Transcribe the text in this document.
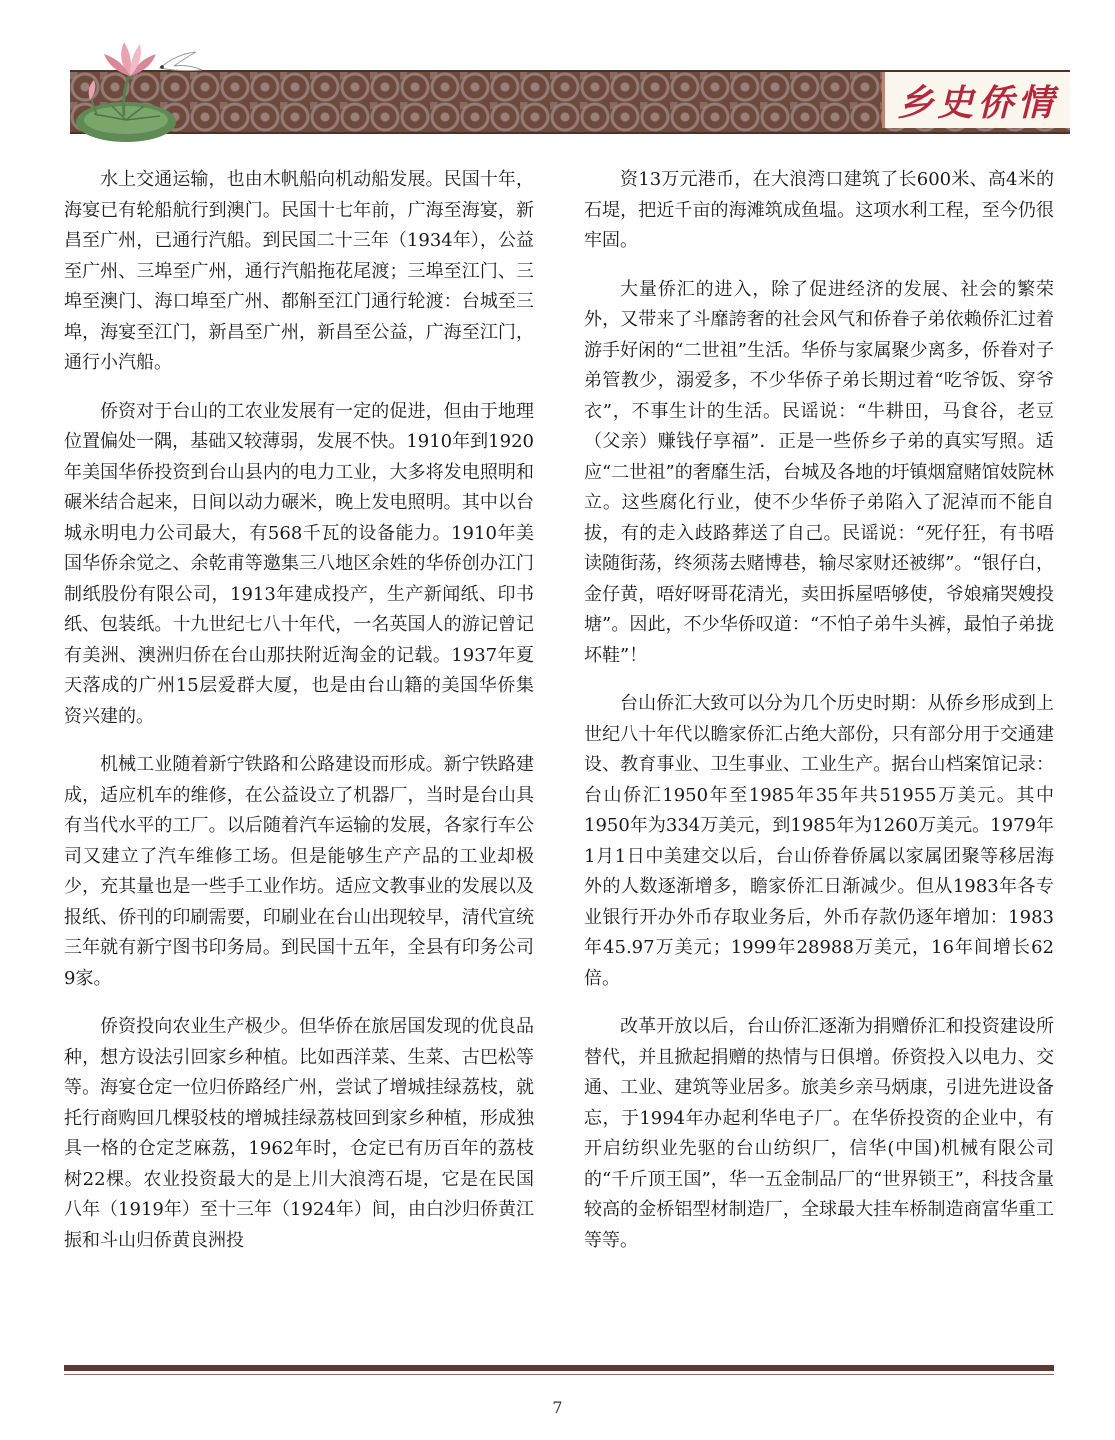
乡史侨情

水上交通运输，也由木帆船向机动船发展。民国十年，海宴已有轮船航行到澳门。民国十七年前，广海至海宴，新昌至广州，已通行汽船。到民国二十三年（1934年），公益至广州、三埠至广州，通行汽船拖花尾渡；三埠至江门、三埠至澳门、海口埠至广州、都斛至江门通行轮渡：台城至三埠，海宴至江门，新昌至广州，新昌至公益，广海至江门，通行小汽船。

侨资对于台山的工农业发展有一定的促进，但由于地理位置偏处一隅，基础又较薄弱，发展不快。1910年到1920年美国华侨投资到台山县内的电力工业，大多将发电照明和碾米结合起来，日间以动力碾米，晚上发电照明。其中以台城永明电力公司最大，有568千瓦的设备能力。1910年美国华侨余觉之、余乾甫等邀集三八地区余姓的华侨创办江门制纸股份有限公司，1913年建成投产，生产新闻纸、印书纸、包装纸。十九世纪七八十年代，一名英国人的游记曾记有美洲、澳洲归侨在台山那扶附近淘金的记载。1937年夏天落成的广州15层爱群大厦，也是由台山籍的美国华侨集资兴建的。

机械工业随着新宁铁路和公路建设而形成。新宁铁路建成，适应机车的维修，在公益设立了机器厂，当时是台山具有当代水平的工厂。以后随着汽车运输的发展，各家行车公司又建立了汽车维修工场。但是能够生产产品的工业却极少，充其量也是一些手工业作坊。适应文教事业的发展以及报纸、侨刊的印刷需要，印刷业在台山出现较早，清代宣统三年就有新宁图书印务局。到民国十五年，全县有印务公司9家。

侨资投向农业生产极少。但华侨在旅居国发现的优良品种，想方设法引回家乡种植。比如西洋菜、生菜、古巴松等等。海宴仓定一位归侨路经广州，尝试了增城挂绿荔枝，就托行商购回几棵驳枝的增城挂绿荔枝回到家乡种植，形成独具一格的仓定芝麻荔，1962年时，仓定已有历百年的荔枝树22棵。农业投资最大的是上川大浪湾石堤，它是在民国八年（1919年）至十三年（1924年）间，由白沙归侨黄江振和斗山归侨黄良洲投

资13万元港币，在大浪湾口建筑了长600米、高4米的石堤，把近千亩的海滩筑成鱼塭。这项水利工程，至今仍很牢固。

大量侨汇的进入，除了促进经济的发展、社会的繁荣外，又带来了斗靡誇奢的社会风气和侨眷子弟依赖侨汇过着游手好闲的“二世祖”生活。华侨与家属聚少离多，侨眷对子弟管教少，溺爱多，不少华侨子弟长期过着“吃爷饭、穿爷衣”，不事生计的生活。民谣说：“牛耕田，马食谷，老豆（父亲）赚钱仔享福”．正是一些侨乡子弟的真实写照。适应“二世祖”的奢靡生活，台城及各地的圩镇烟窟赌馆妓院林立。这些腐化行业，使不少华侨子弟陷入了泥淖而不能自拔，有的走入歧路葬送了自己。民谣说：“死仔狂，有书唔读随街荡，终须荡去赌博巷，输尽家财还被绑”。“银仔白，金仔黄，唔好呀哥花清光，卖田拆屋唔够使，爷娘痛哭嫂投塘”。因此，不少华侨叹道：“不怕子弟牛头裤，最怕子弟拢坏鞋”！

台山侨汇大致可以分为几个历史时期：从侨乡形成到上世纪八十年代以瞻家侨汇占绝大部份，只有部分用于交通建设、教育事业、卫生事业、工业生产。据台山档案馆记录：台山侨汇1950年至1985年35年共51955万美元。其中1950年为334万美元，到1985年为1260万美元。1979年1月1日中美建交以后，台山侨眷侨属以家属团聚等移居海外的人数逐渐增多，瞻家侨汇日渐减少。但从1983年各专业银行开办外币存取业务后，外币存款仍逐年增加：1983年45.97万美元；1999年28988万美元，16年间增长62倍。

改革开放以后，台山侨汇逐渐为捐赠侨汇和投资建设所替代，并且掀起捐赠的热情与日俱增。侨资投入以电力、交通、工业、建筑等业居多。旅美乡亲马炳康，引进先进设备忘，于1994年办起利华电子厂。在华侨投资的企业中，有开启纺织业先驱的台山纺织厂，信华(中国)机械有限公司的“千斤顶王国”，华一五金制品厂的“世界锁王”，科技含量较高的金桥铝型材制造厂，全球最大挂车桥制造商富华重工等等。

7
